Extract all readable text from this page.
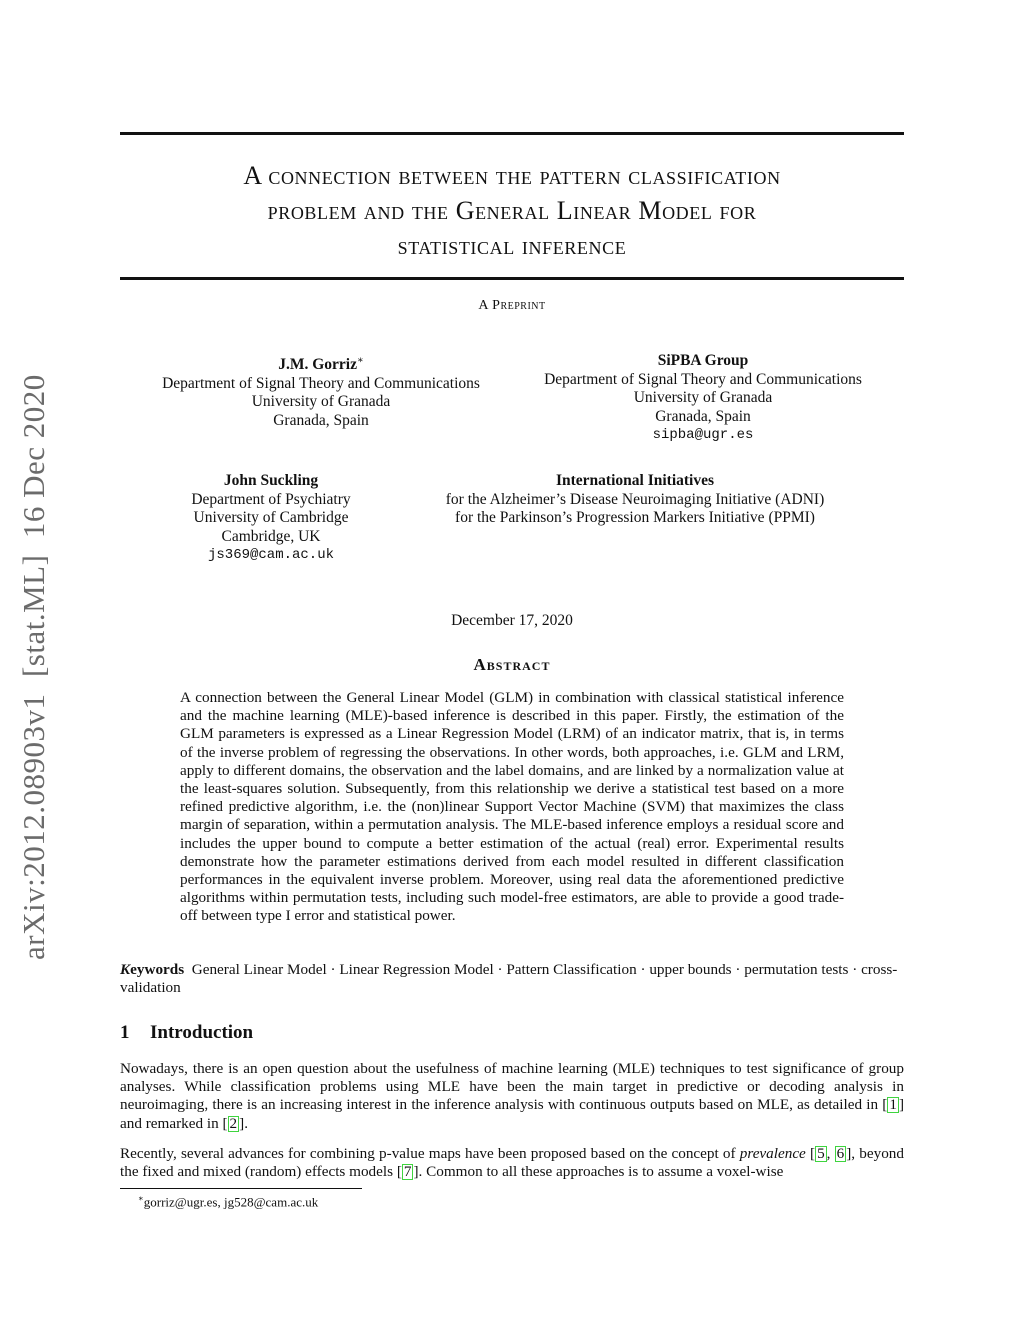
arXiv:2012.08903v1  [stat.ML]  16 Dec 2020
A connection between the pattern classification
problem and the General Linear Model for
statistical inference
A Preprint
J.M. Gorriz∗
Department of Signal Theory and Communications
University of Granada
Granada, Spain
SiPBA Group
Department of Signal Theory and Communications
University of Granada
Granada, Spain
sipba@ugr.es
John Suckling
Department of Psychiatry
University of Cambridge
Cambridge, UK
js369@cam.ac.uk
International Initiatives
for the Alzheimer’s Disease Neuroimaging Initiative (ADNI)
for the Parkinson’s Progression Markers Initiative (PPMI)
December 17, 2020
Abstract
A connection between the General Linear Model (GLM) in combination with classical statistical inference and the machine learning (MLE)-based inference is described in this paper. Firstly, the estimation of the GLM parameters is expressed as a Linear Regression Model (LRM) of an indicator matrix, that is, in terms of the inverse problem of regressing the observations. In other words, both approaches, i.e. GLM and LRM, apply to different domains, the observation and the label domains, and are linked by a normalization value at the least-squares solution. Subsequently, from this relationship we derive a statistical test based on a more refined predictive algorithm, i.e. the (non)linear Support Vector Machine (SVM) that maximizes the class margin of separation, within a permutation analysis. The MLE-based inference employs a residual score and includes the upper bound to compute a better estimation of the actual (real) error. Experimental results demonstrate how the parameter estimations derived from each model resulted in different classification performances in the equivalent inverse problem. Moreover, using real data the aforementioned predictive algorithms within permutation tests, including such model-free estimators, are able to provide a good trade-off between type I error and statistical power.
Keywords General Linear Model · Linear Regression Model · Pattern Classification · upper bounds · permutation tests · cross-validation
1 Introduction
Nowadays, there is an open question about the usefulness of machine learning (MLE) techniques to test significance of group analyses. While classification problems using MLE have been the main target in predictive or decoding analysis in neuroimaging, there is an increasing interest in the inference analysis with continuous outputs based on MLE, as detailed in [ 1 ] and remarked in [ 2 ].
Recently, several advances for combining p-value maps have been proposed based on the concept of prevalence [ 5 , 6 ], beyond the fixed and mixed (random) effects models [ 7 ]. Common to all these approaches is to assume a voxel-wise
∗gorriz@ugr.es, jg528@cam.ac.uk
